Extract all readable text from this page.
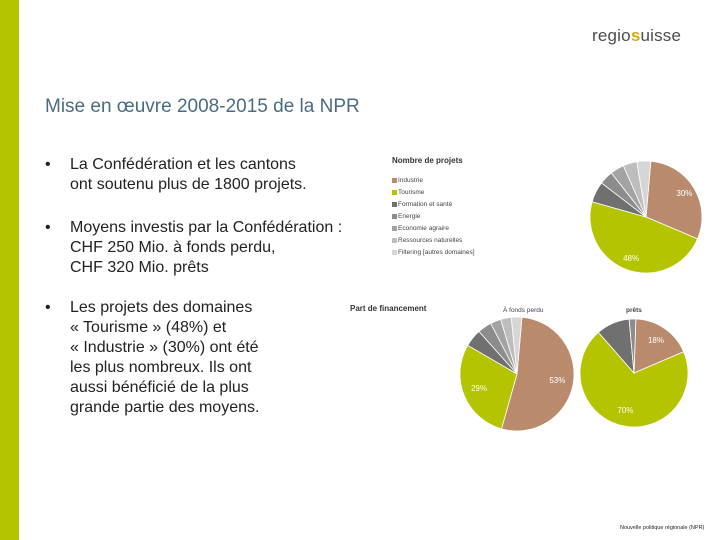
regiosuisse
Mise en œuvre 2008-2015 de la NPR
• La Confédération et les cantons
ont soutenu plus de 1800 projets.
• Moyens investis par la Confédération :
CHF 250 Mio. à fonds perdu,
CHF 320 Mio. prêts
• Les projets des domaines
« Tourisme » (48%) et
« Industrie » (30%) ont été
les plus nombreux. Ils ont
aussi bénéficié de la plus
grande partie des moyens.
Nombre de projets
Industrie
Tourisme
Formation et santé
Energie
Economie agraire
Ressources naturelles
Filtering [autres domaines]
Part de financement	À fonds perdu	prêts
30%
48%
53%
29%
18%
70%
Nouvelle politique régionale (NPR)
